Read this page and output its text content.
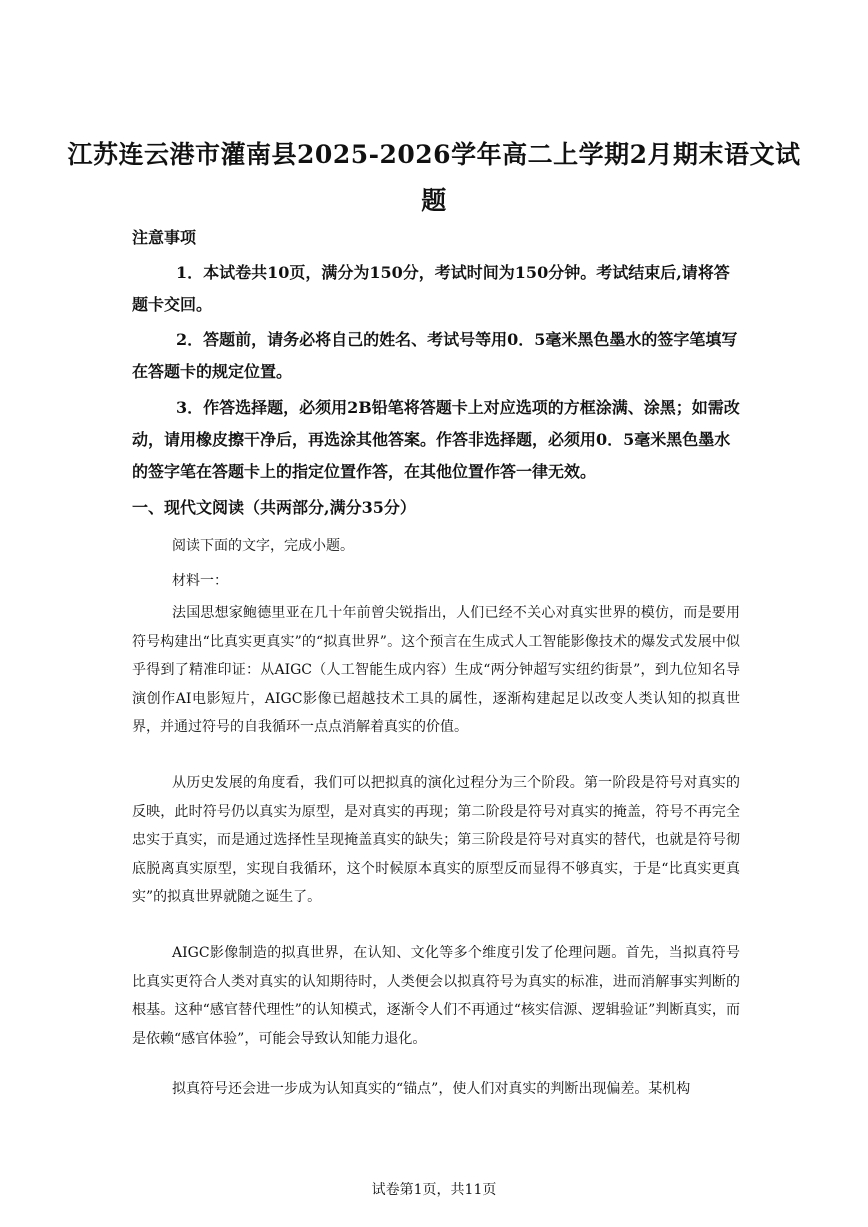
江苏连云港市灌南县2025-2026学年高二上学期2月期末语文试题
注意事项
1．本试卷共10页，满分为150分，考试时间为150分钟。考试结束后,请将答题卡交回。
2．答题前，请务必将自己的姓名、考试号等用0．5毫米黑色墨水的签字笔填写在答题卡的规定位置。
3．作答选择题，必须用2B铅笔将答题卡上对应选项的方框涂满、涂黑；如需改动，请用橡皮擦干净后，再选涂其他答案。作答非选择题，必须用0．5毫米黑色墨水的签字笔在答题卡上的指定位置作答，在其他位置作答一律无效。
一、现代文阅读（共两部分,满分35分）
阅读下面的文字，完成小题。
材料一：
法国思想家鲍德里亚在几十年前曾尖锐指出，人们已经不关心对真实世界的模仿，而是要用符号构建出“比真实更真实”的“拟真世界”。这个预言在生成式人工智能影像技术的爆发式发展中似乎得到了精准印证：从AIGC（人工智能生成内容）生成“两分钟超写实纽约街景”，到九位知名导演创作AI电影短片，AIGC影像已超越技术工具的属性，逐渐构建起足以改变人类认知的拟真世界，并通过符号的自我循环一点点消解着真实的价值。
从历史发展的角度看，我们可以把拟真的演化过程分为三个阶段。第一阶段是符号对真实的反映，此时符号仍以真实为原型，是对真实的再现；第二阶段是符号对真实的掩盖，符号不再完全忠实于真实，而是通过选择性呈现掩盖真实的缺失；第三阶段是符号对真实的替代，也就是符号彻底脱离真实原型，实现自我循环，这个时候原本真实的原型反而显得不够真实，于是“比真实更真实”的拟真世界就随之诞生了。
AIGC影像制造的拟真世界，在认知、文化等多个维度引发了伦理问题。首先，当拟真符号比真实更符合人类对真实的认知期待时，人类便会以拟真符号为真实的标准，进而消解事实判断的根基。这种“感官替代理性”的认知模式，逐渐令人们不再通过“核实信源、逻辑验证”判断真实，而是依赖“感官体验”，可能会导致认知能力退化。
拟真符号还会进一步成为认知真实的“锚点”，使人们对真实的判断出现偏差。某机构
试卷第1页，共11页
